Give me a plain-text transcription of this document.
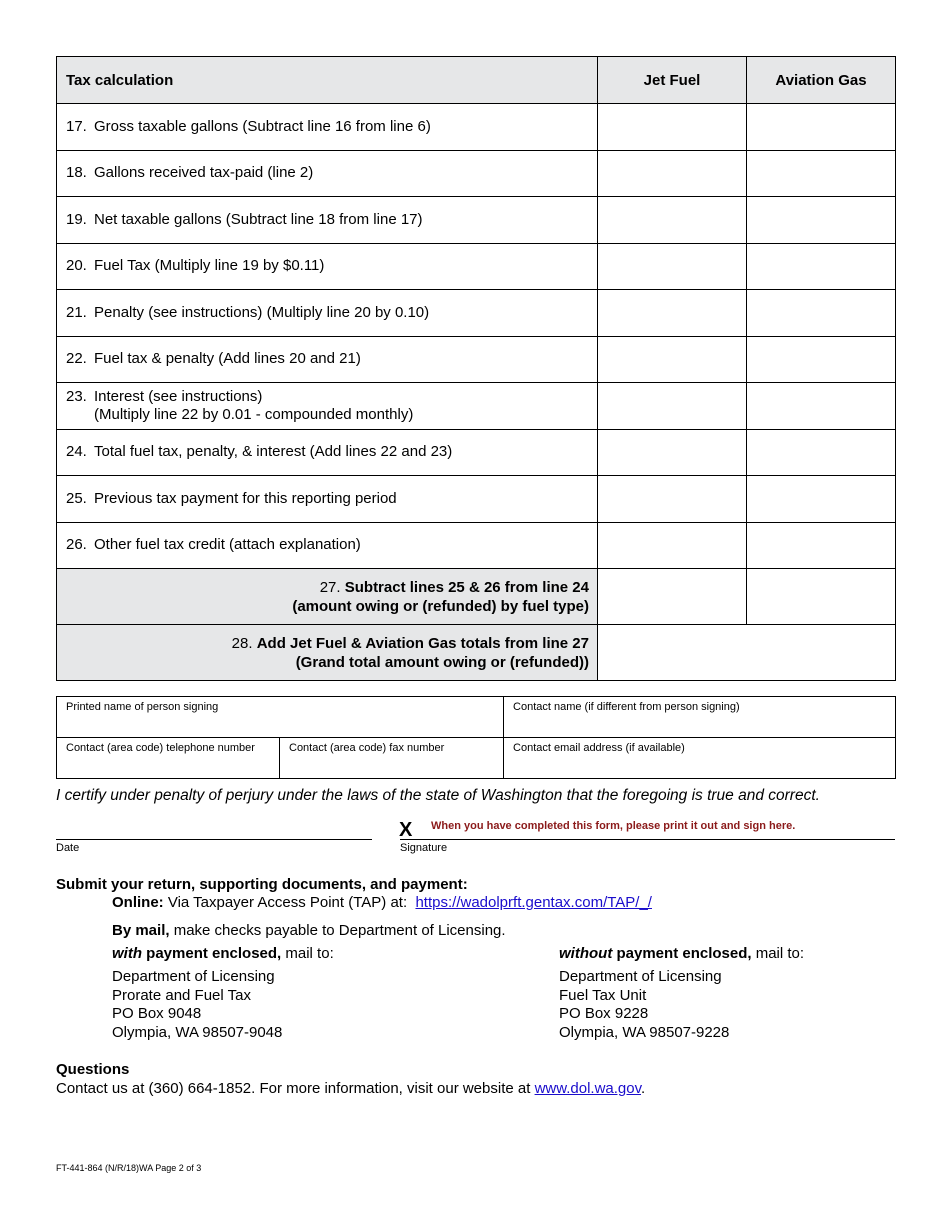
Tax calculation	Jet Fuel	Aviation Gas
17. Gross taxable gallons (Subtract line 16 from line 6)		
18. Gallons received tax-paid (line 2)		
19. Net taxable gallons (Subtract line 18 from line 17)		
20. Fuel Tax (Multiply line 19 by $0.11)		
21. Penalty (see instructions) (Multiply line 20 by 0.10)		
22. Fuel tax & penalty (Add lines 20 and 21)		
23. Interest (see instructions)
(Multiply line 22 by 0.01 - compounded monthly)		
24. Total fuel tax, penalty, & interest (Add lines 22 and 23)		
25. Previous tax payment for this reporting period		
26. Other fuel tax credit (attach explanation)		
27. Subtract lines 25 & 26 from line 24
(amount owing or (refunded) by fuel type)		
28. Add Jet Fuel & Aviation Gas totals from line 27
(Grand total amount owing or (refunded))		
Printed name of person signing		Contact name (if different from person signing)
Contact (area code) telephone number	Contact (area code) fax number	Contact email address (if available)
I certify under penalty of perjury under the laws of the state of Washington that the foregoing is true and correct.
X When you have completed this form, please print it out and sign here.
Date	Signature
Submit your return, supporting documents, and payment:
Online: Via Taxpayer Access Point (TAP) at: https://wadolprft.gentax.com/TAP/_/
By mail, make checks payable to Department of Licensing.
with payment enclosed, mail to:
Department of Licensing
Prorate and Fuel Tax
PO Box 9048
Olympia, WA 98507-9048
without payment enclosed, mail to:
Department of Licensing
Fuel Tax Unit
PO Box 9228
Olympia, WA 98507-9228
Questions
Contact us at (360) 664-1852. For more information, visit our website at www.dol.wa.gov.
FT-441-864 (N/R/18)WA Page 2 of 3
